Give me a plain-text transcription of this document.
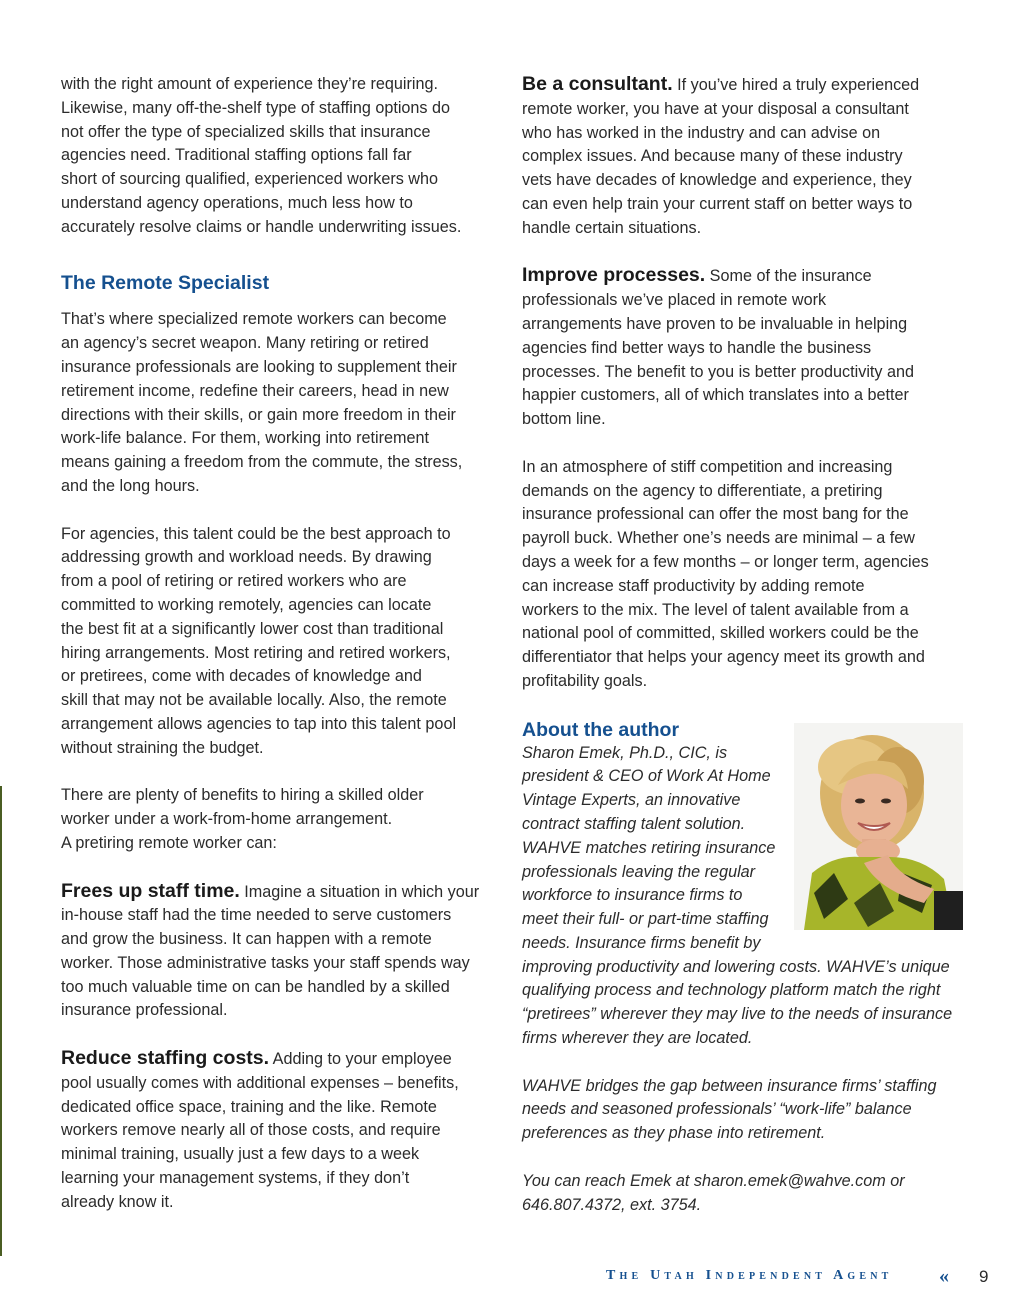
with the right amount of experience they’re requiring.
Likewise, many off-the-shelf type of staffing options do
not offer the type of specialized skills that insurance
agencies need. Traditional staffing options fall far
short of sourcing qualified, experienced workers who
understand agency operations, much less how to
accurately resolve claims or handle underwriting issues.
The Remote Specialist
That’s where specialized remote workers can become
an agency’s secret weapon. Many retiring or retired
insurance professionals are looking to supplement their
retirement income, redefine their careers, head in new
directions with their skills, or gain more freedom in their
work-life balance. For them, working into retirement
means gaining a freedom from the commute, the stress,
and the long hours.
For agencies, this talent could be the best approach to
addressing growth and workload needs. By drawing
from a pool of retiring or retired workers who are
committed to working remotely, agencies can locate
the best fit at a significantly lower cost than traditional
hiring arrangements. Most retiring and retired workers,
or pretirees, come with decades of knowledge and
skill that may not be available locally. Also, the remote
arrangement allows agencies to tap into this talent pool
without straining the budget.
There are plenty of benefits to hiring a skilled older
worker under a work-from-home arrangement.
A pretiring remote worker can:
Frees up staff time. Imagine a situation in which your
in-house staff had the time needed to serve customers
and grow the business. It can happen with a remote
worker. Those administrative tasks your staff spends way
too much valuable time on can be handled by a skilled
insurance professional.
Reduce staffing costs. Adding to your employee
pool usually comes with additional expenses – benefits,
dedicated office space, training and the like. Remote
workers remove nearly all of those costs, and require
minimal training, usually just a few days to a week
learning your management systems, if they don’t
already know it.
Be a consultant. If you’ve hired a truly experienced
remote worker, you have at your disposal a consultant
who has worked in the industry and can advise on
complex issues. And because many of these industry
vets have decades of knowledge and experience, they
can even help train your current staff on better ways to
handle certain situations.
Improve processes. Some of the insurance
professionals we’ve placed in remote work
arrangements have proven to be invaluable in helping
agencies find better ways to handle the business
processes. The benefit to you is better productivity and
happier customers, all of which translates into a better
bottom line.
In an atmosphere of stiff competition and increasing
demands on the agency to differentiate, a pretiring
insurance professional can offer the most bang for the
payroll buck. Whether one’s needs are minimal – a few
days a week for a few months – or longer term, agencies
can increase staff productivity by adding remote
workers to the mix. The level of talent available from a
national pool of committed, skilled workers could be the
differentiator that helps your agency meet its growth and
profitability goals.
About the author
Sharon Emek, Ph.D., CIC, is
president & CEO of Work At Home
Vintage Experts, an innovative
contract staffing talent solution.
WAHVE matches retiring insurance
professionals leaving the regular
workforce to insurance firms to
meet their full- or part-time staffing
needs. Insurance firms benefit by
improving productivity and lowering costs. WAHVE’s unique
qualifying process and technology platform match the right
“pretirees” wherever they may live to the needs of insurance
firms wherever they are located.
WAHVE bridges the gap between insurance firms’ staffing
needs and seasoned professionals’ “work-life” balance
preferences as they phase into retirement.
You can reach Emek at sharon.emek@wahve.com or
646.807.4372, ext. 3754.
The Utah Independent Agent « 9
